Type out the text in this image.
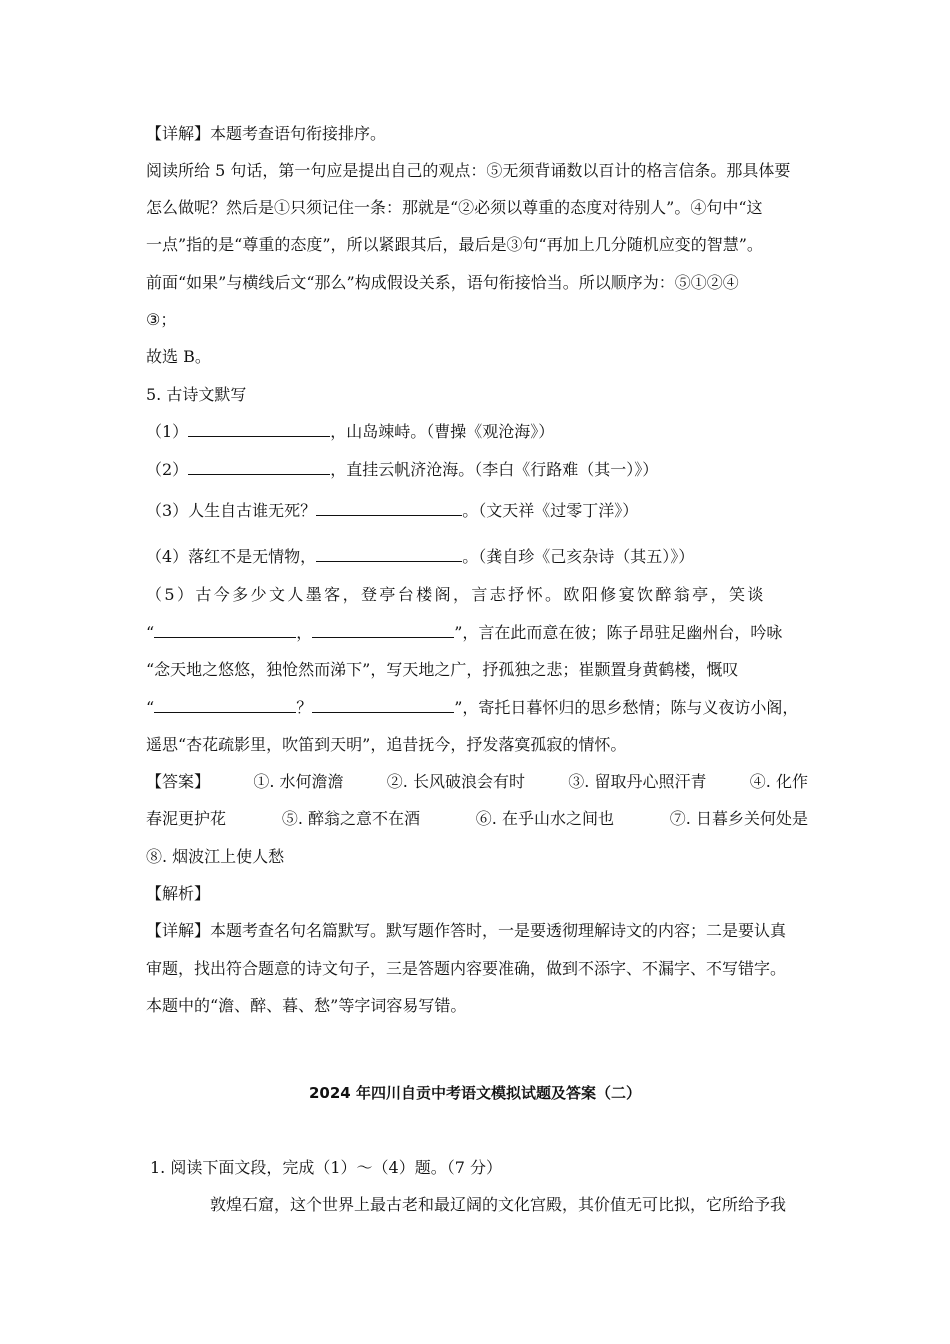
【详解】本题考查语句衔接排序。
阅读所给 5 句话，第一句应是提出自己的观点：⑤无须背诵数以百计的格言信条。那具体要
怎么做呢？然后是①只须记住一条：那就是“②必须以尊重的态度对待别人”。④句中“这
一点”指的是“尊重的态度”，所以紧跟其后，最后是③句“再加上几分随机应变的智慧”。
前面“如果”与横线后文“那么”构成假设关系，语句衔接恰当。所以顺序为：⑤①②④
③；
故选 B。
5. 古诗文默写
（1）	，山岛竦峙。（曹操《观沧海》）
（2）	，直挂云帆济沧海。（李白《行路难（其一）》）
（3）人生自古谁无死？	。（文天祥《过零丁洋》）
（4）落红不是无情物，	。（龚自珍《己亥杂诗（其五）》）
（5）古今多少文人墨客，登亭台楼阁，言志抒怀。欧阳修宴饮醉翁亭，笑谈
“	，	”，言在此而意在彼；陈子昂驻足幽州台，吟咏
“念天地之悠悠，独怆然而涕下”，写天地之广，抒孤独之悲；崔颢置身黄鹤楼，慨叹
“	？	”，寄托日暮怀归的思乡愁情；陈与义夜访小阁，
遥思“杏花疏影里，吹笛到天明”，追昔抚今，抒发落寞孤寂的情怀。
【答案】	①. 水何澹澹	②. 长风破浪会有时	③. 留取丹心照汗青	④. 化作
春泥更护花	⑤. 醉翁之意不在酒	⑥. 在乎山水之间也	⑦. 日暮乡关何处是
⑧. 烟波江上使人愁
【解析】
【详解】本题考查名句名篇默写。默写题作答时，一是要透彻理解诗文的内容；二是要认真
审题，找出符合题意的诗文句子，三是答题内容要准确，做到不添字、不漏字、不写错字。
本题中的“澹、醉、暮、愁”等字词容易写错。
2024 年四川自贡中考语文模拟试题及答案（二）
1. 阅读下面文段，完成（1）～（4）题。（7 分）
敦煌石窟，这个世界上最古老和最辽阔的文化宫殿，其价值无可比拟，它所给予我
